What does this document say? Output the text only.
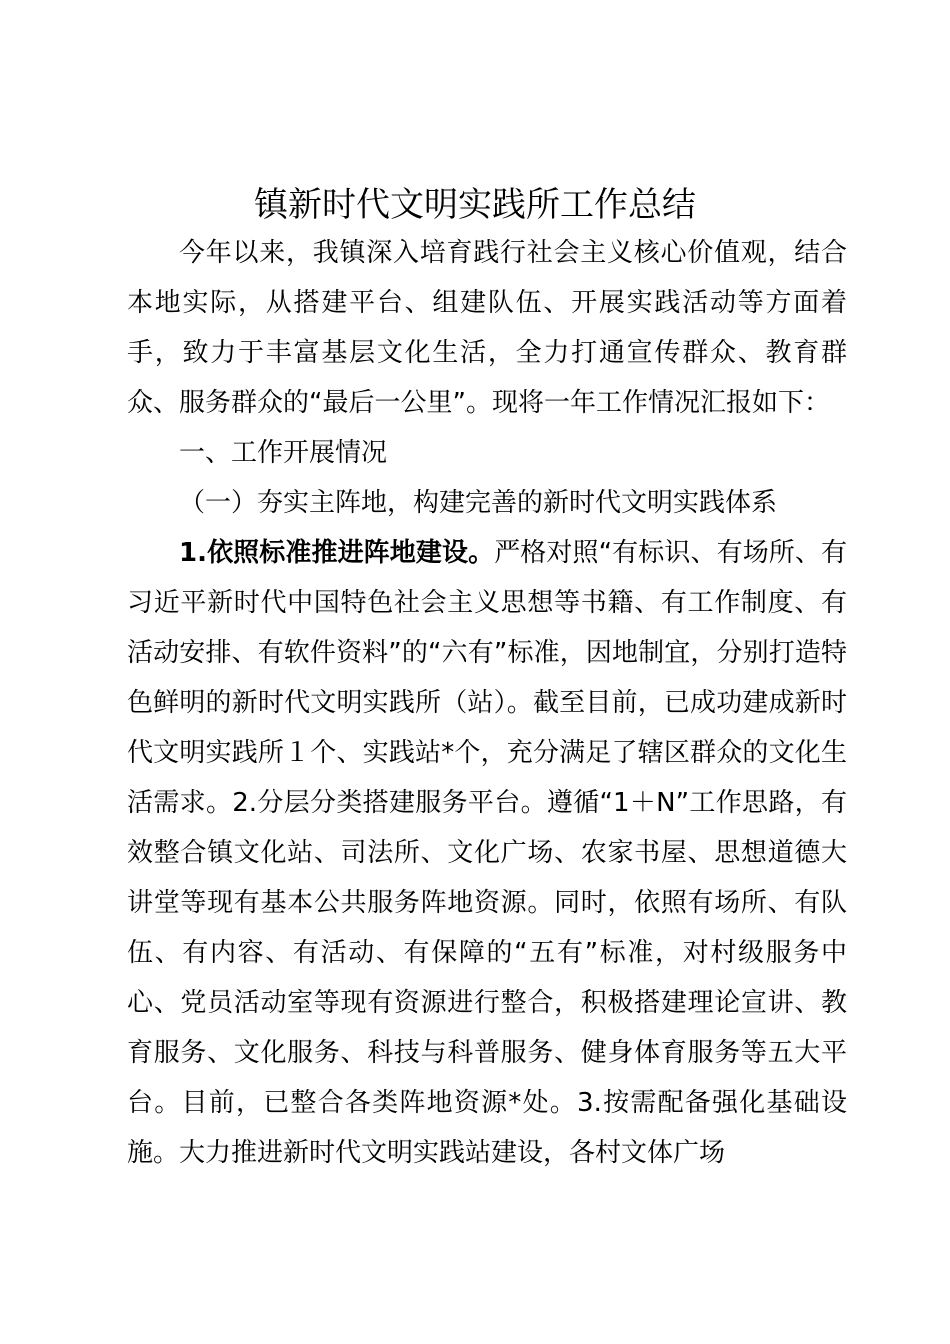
镇新时代文明实践所工作总结
今年以来，我镇深入培育践行社会主义核心价值观，结合本地实际，从搭建平台、组建队伍、开展实践活动等方面着手，致力于丰富基层文化生活，全力打通宣传群众、教育群众、服务群众的“最后一公里”。现将一年工作情况汇报如下：
一、工作开展情况
（一）夯实主阵地，构建完善的新时代文明实践体系
1.依照标准推进阵地建设。严格对照“有标识、有场所、有习近平新时代中国特色社会主义思想等书籍、有工作制度、有活动安排、有软件资料”的“六有”标准，因地制宜，分别打造特色鲜明的新时代文明实践所（站）。截至目前，已成功建成新时代文明实践所１个、实践站*个，充分满足了辖区群众的文化生活需求。2.分层分类搭建服务平台。遵循“1＋N”工作思路，有效整合镇文化站、司法所、文化广场、农家书屋、思想道德大讲堂等现有基本公共服务阵地资源。同时，依照有场所、有队伍、有内容、有活动、有保障的“五有”标准，对村级服务中心、党员活动室等现有资源进行整合，积极搭建理论宣讲、教育服务、文化服务、科技与科普服务、健身体育服务等五大平台。目前，已整合各类阵地资源*处。3.按需配备强化基础设施。大力推进新时代文明实践站建设，各村文体广场
